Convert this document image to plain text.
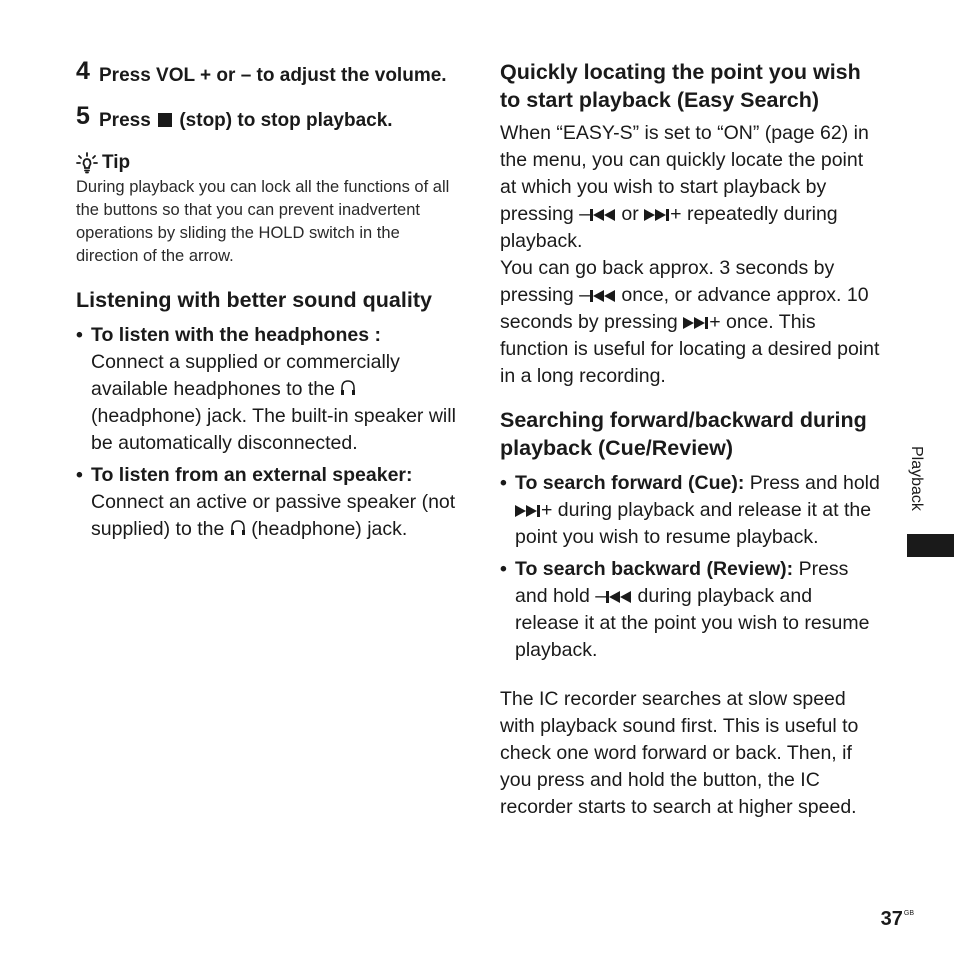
4 Press VOL + or – to adjust the volume.
5 Press (stop) to stop playback.
Tip
During playback you can lock all the functions of all the buttons so that you can prevent inadvertent operations by sliding the HOLD switch in the direction of the arrow.
Listening with better sound quality
• To listen with the headphones :
Connect a supplied or commercially available headphones to the  (headphone) jack. The built-in speaker will be automatically disconnected.
• To listen from an external speaker:
Connect an active or passive speaker (not supplied) to the (headphone) jack.
Quickly locating the point you wish to start playback (Easy Search)
When “EASY-S” is set to “ON” (page 62) in the menu, you can quickly locate the point at which you wish to start playback by pressing – or + repeatedly during playback.
You can go back approx. 3 seconds by pressing – once, or advance approx. 10 seconds by pressing + once. This function is useful for locating a desired point in a long recording.
Searching forward/backward during playback (Cue/Review)
• To search forward (Cue): Press and hold + during playback and release it at the point you wish to resume playback.
• To search backward (Review): Press and hold – during playback and release it at the point you wish to resume playback.
The IC recorder searches at slow speed with playback sound first. This is useful to check one word forward or back. Then, if you press and hold the button, the IC recorder starts to search at higher speed.
Playback
$37^{GB}$
